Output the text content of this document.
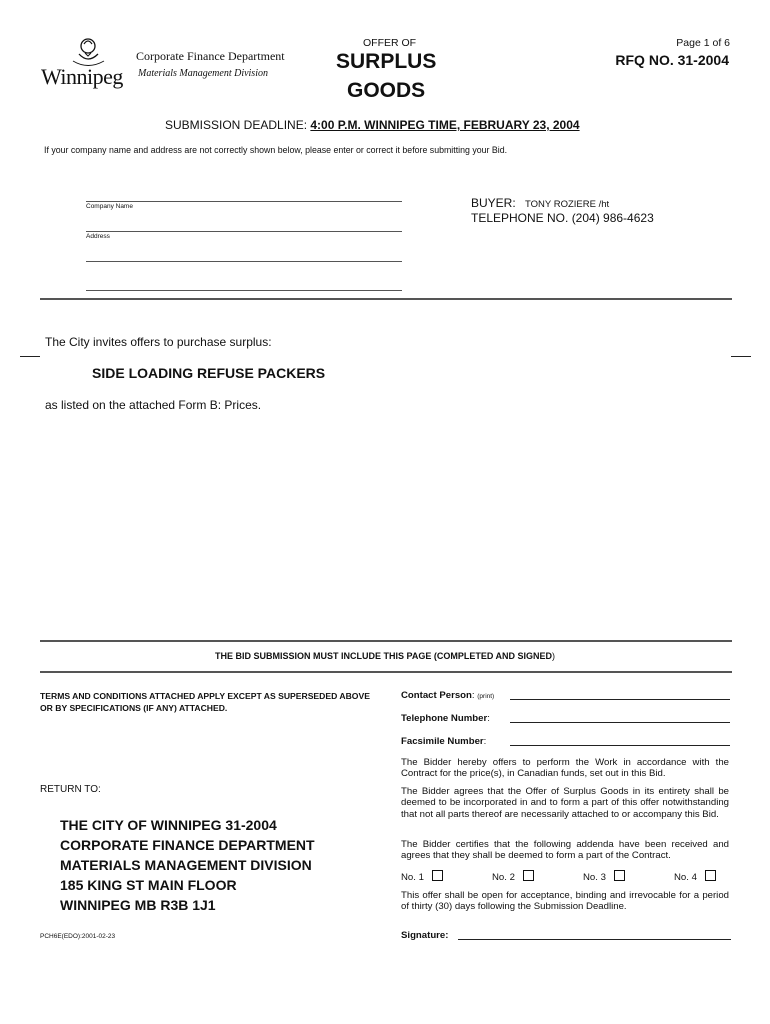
Winnipeg
Corporate Finance Department
Materials Management Division
OFFER OF
SURPLUS
GOODS
Page 1 of 6
RFQ NO. 31-2004
SUBMISSION DEADLINE: 4:00 P.M. WINNIPEG TIME, FEBRUARY 23, 2004
If your company name and address are not correctly shown below, please enter or correct it before submitting your Bid.
Company Name
Address
BUYER: TONY ROZIERE /ht
TELEPHONE NO. (204) 986-4623
The City invites offers to purchase surplus:
SIDE LOADING REFUSE PACKERS
as listed on the attached Form B: Prices.
THE BID SUBMISSION MUST INCLUDE THIS PAGE (COMPLETED AND SIGNED)
TERMS AND CONDITIONS ATTACHED APPLY EXCEPT AS SUPERSEDED ABOVE OR BY SPECIFICATIONS (IF ANY) ATTACHED.
RETURN TO:
THE CITY OF WINNIPEG 31-2004
CORPORATE FINANCE DEPARTMENT
MATERIALS MANAGEMENT DIVISION
185 KING ST MAIN FLOOR
WINNIPEG MB R3B 1J1
PCH6E(EDO):2001-02-23
Contact Person: (print)
Telephone Number:
Facsimile Number:
The Bidder hereby offers to perform the Work in accordance with the Contract for the price(s), in Canadian funds, set out in this Bid.
The Bidder agrees that the Offer of Surplus Goods in its entirety shall be deemed to be incorporated in and to form a part of this offer notwithstanding that not all parts thereof are necessarily attached to or accompany this Bid.
The Bidder certifies that the following addenda have been received and agrees that they shall be deemed to form a part of the Contract.
No. 1	No. 2	No. 3	No. 4
This offer shall be open for acceptance, binding and irrevocable for a period of thirty (30) days following the Submission Deadline.
Signature:
